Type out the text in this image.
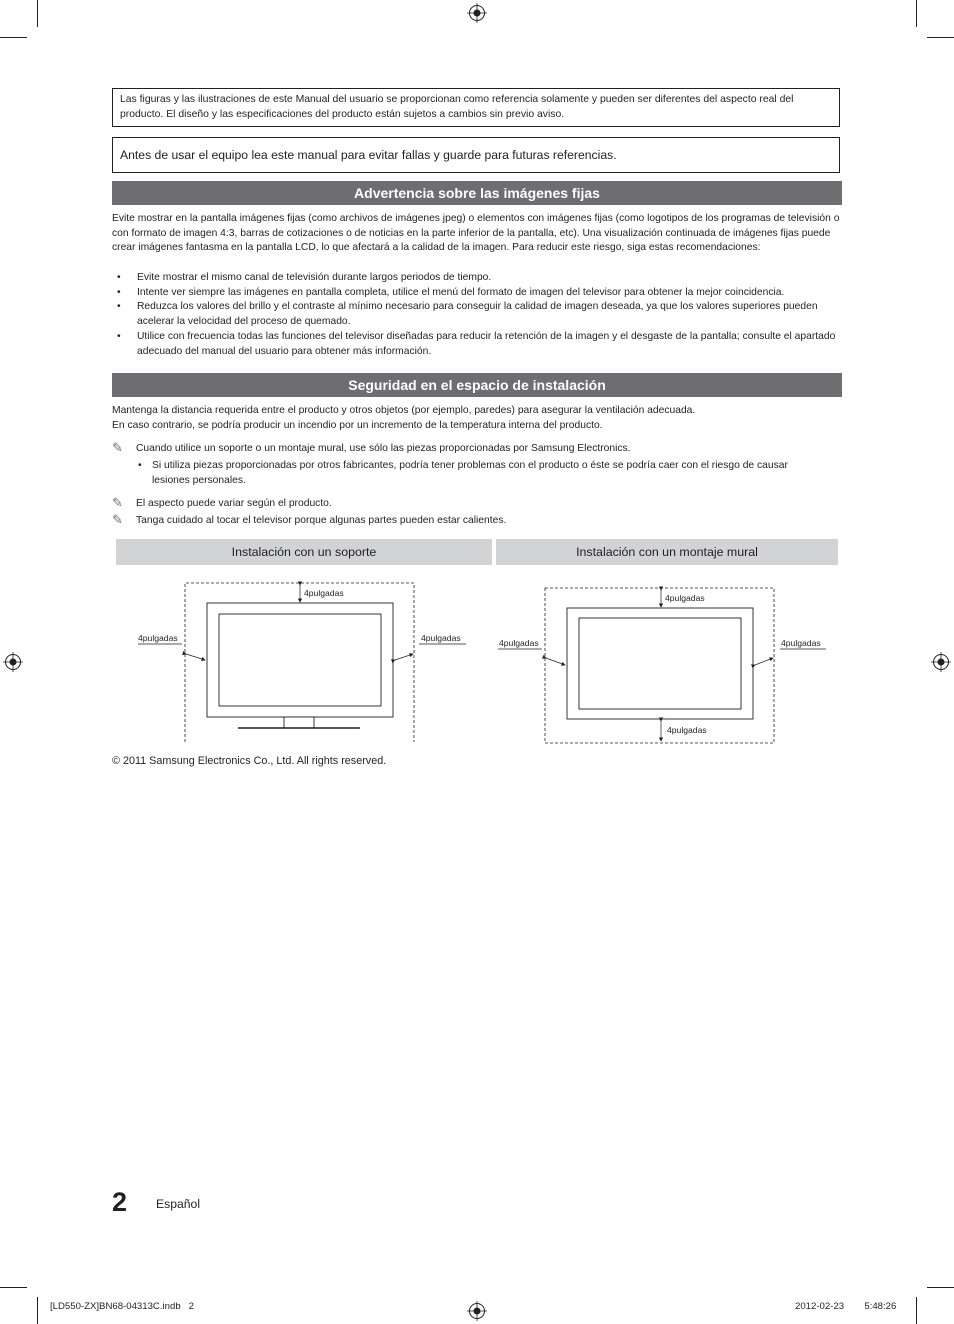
Las figuras y las ilustraciones de este Manual del usuario se proporcionan como referencia solamente y pueden ser diferentes del aspecto real del producto. El diseño y las especificaciones del producto están sujetos a cambios sin previo aviso.
Antes de usar el equipo lea este manual para evitar fallas y guarde para futuras referencias.
Advertencia sobre las imágenes fijas

Evite mostrar en la pantalla imágenes fijas (como archivos de imágenes jpeg) o elementos con imágenes fijas (como logotipos de los programas de televisión o con formato de imagen 4:3, barras de cotizaciones o de noticias en la parte inferior de la pantalla, etc). Una visualización continuada de imágenes fijas puede crear imágenes fantasma en la pantalla LCD, lo que afectará a la calidad de la imagen. Para reducir este riesgo, siga estas recomendaciones:

• Evite mostrar el mismo canal de televisión durante largos periodos de tiempo.
• Intente ver siempre las imágenes en pantalla completa, utilice el menú del formato de imagen del televisor para obtener la mejor coincidencia.
• Reduzca los valores del brillo y el contraste al mínimo necesario para conseguir la calidad de imagen deseada, ya que los valores superiores pueden acelerar la velocidad del proceso de quemado.
• Utilice con frecuencia todas las funciones del televisor diseñadas para reducir la retención de la imagen y el desgaste de la pantalla; consulte el apartado adecuado del manual del usuario para obtener más información.
Seguridad en el espacio de instalación

Mantenga la distancia requerida entre el producto y otros objetos (por ejemplo, paredes) para asegurar la ventilación adecuada.

En caso contrario, se podría producir un incendio por un incremento de la temperatura interna del producto.

✎	Cuando utilice un soporte o un montaje mural, use sólo las piezas proporcionadas por Samsung Electronics.
•	Si utiliza piezas proporcionadas por otros fabricantes, podría tener problemas con el producto o éste se podría caer con el riesgo de causar lesiones personales.
✎	El aspecto puede variar según el producto.
✎	Tanga cuidado al tocar el televisor porque algunas partes pueden estar calientes.
Instalación con un soporte	Instalación con un montaje mural
4pulgadas
4pulgadas	4pulgadas
4pulgadas
4pulgadas
4pulgadas	4pulgadas
© 2011 Samsung Electronics Co., Ltd. All rights reserved.
2 Español
[LD550-ZX]BN68-04313C.indb   2	2012-02-23   　 5:48:26
